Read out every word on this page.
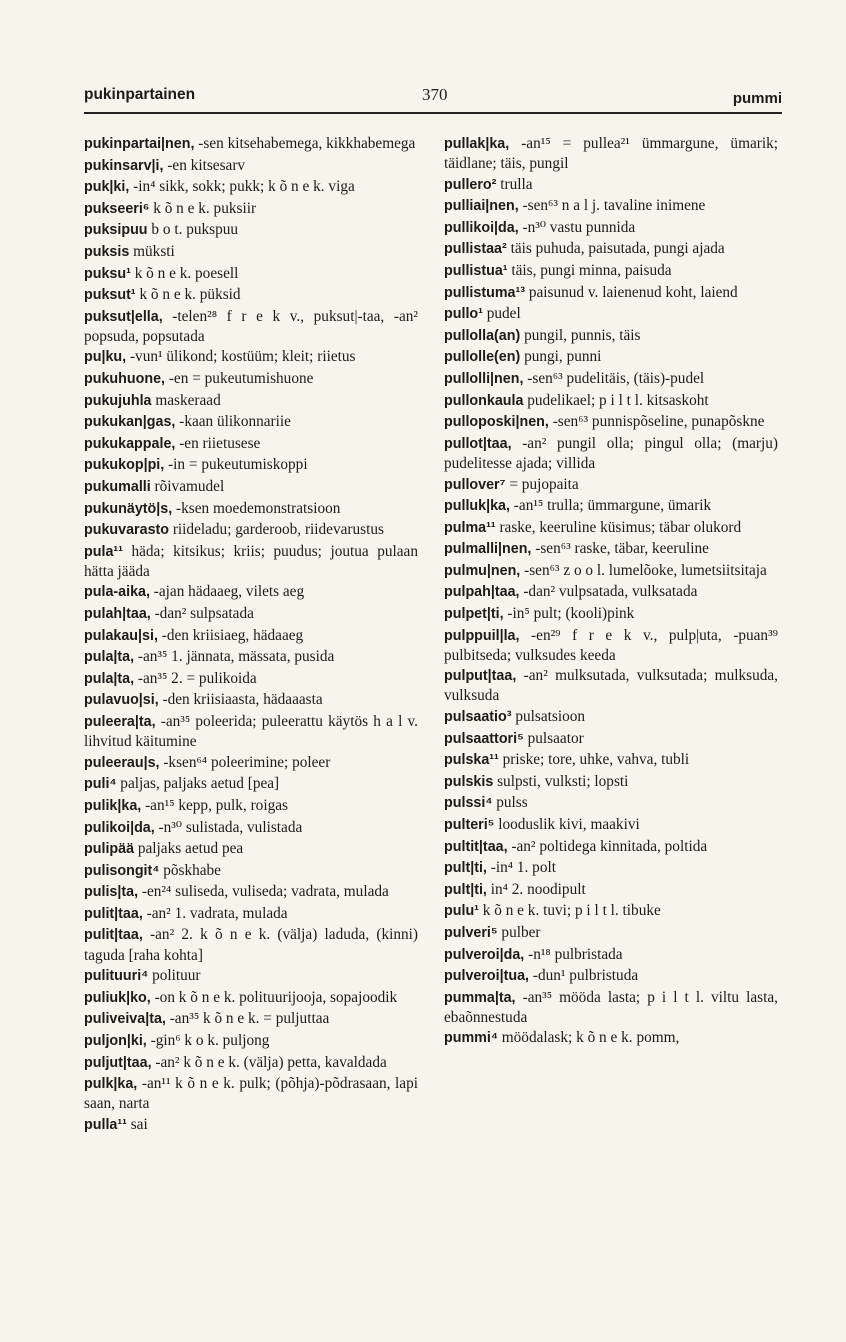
pukinpartainen	370	pummi
pukinpartai|nen, -sen kitsehabemega, kikkhabemega
pukinsarv|i, -en kitsesarv
puk|ki, -in⁴ sikk, sokk; pukk; k õ n e k. viga
pukseeri⁶ k õ n e k. puksiir
puksipuu b o t. pukspuu
puksis müksti
puksu¹ k õ n e k. poesell
puksut¹ k õ n e k. püksid
puksut|ella, -telen²⁸ f r e k v., puksut|-taa, -an² popsuda, popsutada
pu|ku, -vun¹ ülikond; kostüüm; kleit; riietus
pukuhuone, -en = pukeutumishuone
pukujuhla maskeraad
pukukan|gas, -kaan ülikonnariie
pukukappale, -en riietusese
pukukop|pi, -in = pukeutumiskoppi
pukumalli rõivamudel
pukunäytö|s, -ksen moedemonstratsioon
pukuvarasto riideladu; garderoob, riidevarustus
pula¹¹ häda; kitsikus; kriis; puudus; joutua pulaan hätta jääda
pula-aika, -ajan hädaaeg, vilets aeg
pulah|taa, -dan² sulpsatada
pulakau|si, -den kriisiaeg, hädaaeg
pula|ta, -an³⁵ 1. jännata, mässata, pusida
pula|ta, -an³⁵ 2. = pulikoida
pulavuo|si, -den kriisiaasta, hädaaasta
puleera|ta, -an³⁵ poleerida; puleerattu käytös h a l v. lihvitud käitumine
puleerau|s, -ksen⁶⁴ poleerimine; poleer
puli⁴ paljas, paljaks aetud [pea]
pulik|ka, -an¹⁵ kepp, pulk, roigas
pulikoi|da, -n³⁰ sulistada, vulistada
pulipää paljaks aetud pea
pulisongit⁴ põskhabe
pulis|ta, -en²⁴ suliseda, vuliseda; vadrata, mulada
pulit|taa, -an² 1. vadrata, mulada
pulit|taa, -an² 2. k õ n e k. (välja) laduda, (kinni) taguda [raha kohta]
pulituuri⁴ polituur
puliuk|ko, -on k õ n e k. polituurijooja, sopajoodik
puliveiva|ta, -an³⁵ k õ n e k. = puljuttaa
puljon|ki, -gin⁶ k o k. puljong
puljut|taa, -an² k õ n e k. (välja) petta, kavaldada
pulk|ka, -an¹¹ k õ n e k. pulk; (põhja)-põdrasaan, lapi saan, narta
pulla¹¹ sai
pullak|ka, -an¹⁵ = pullea²¹ ümmargune, ümarik; täidlane; täis, pungil
pullero² trulla
pulliai|nen, -sen⁶³ n a l j. tavaline inimene
pullikoi|da, -n³⁰ vastu punnida
pullistaa² täis puhuda, paisutada, pungi ajada
pullistua¹ täis, pungi minna, paisuda
pullistuma¹³ paisunud v. laienenud koht, laiend
pullo¹ pudel
pullolla(an) pungil, punnis, täis
pullolle(en) pungi, punni
pullolli|nen, -sen⁶³ pudelitäis, (täis)-pudel
pullonkaula pudelikael; p i l t l. kitsaskoht
pulloposki|nen, -sen⁶³ punnispõseline, punapõskne
pullot|taa, -an² pungil olla; pingul olla; (marju) pudelitesse ajada; villida
pullover⁷ = pujopaita
pulluk|ka, -an¹⁵ trulla; ümmargune, ümarik
pulma¹¹ raske, keeruline küsimus; täbar olukord
pulmalli|nen, -sen⁶³ raske, täbar, keeruline
pulmu|nen, -sen⁶³ z o o l. lumelõoke, lumetsiitsitaja
pulpah|taa, -dan² vulpsatada, vulksatada
pulpet|ti, -in⁵ pult; (kooli)pink
pulppuil|la, -en²⁹ f r e k v., pulp|uta, -puan³⁹ pulbitseda; vulksudes keeda
pulput|taa, -an² mulksutada, vulksutada; mulksuda, vulksuda
pulsaatio³ pulsatsioon
pulsaattori⁵ pulsaator
pulska¹¹ priske; tore, uhke, vahva, tubli
pulskis sulpsti, vulksti; lopsti
pulssi⁴ pulss
pulteri⁵ looduslik kivi, maakivi
pultit|taa, -an² poltidega kinnitada, poltida
pult|ti, -in⁴ 1. polt
pult|ti, in⁴ 2. noodipult
pulu¹ k õ n e k. tuvi; p i l t l. tibuke
pulveri⁵ pulber
pulveroi|da, -n¹⁸ pulbristada
pulveroi|tua, -dun¹ pulbristuda
pumma|ta, -an³⁵ mööda lasta; p i l t l. viltu lasta, ebaõnnestuda
pummi⁴ möödalask; k õ n e k. pomm,
